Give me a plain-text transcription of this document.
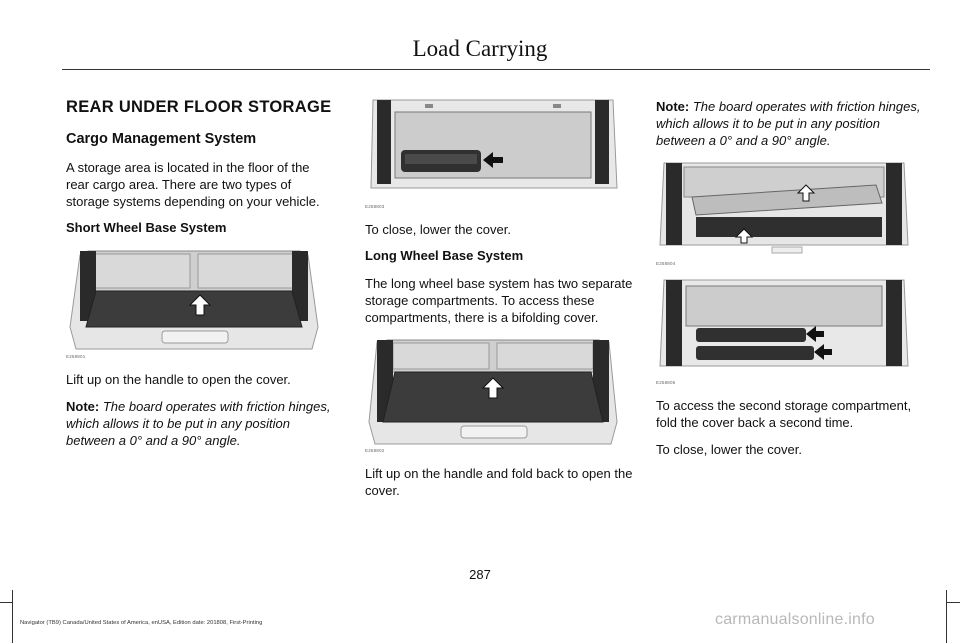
Load Carrying
REAR UNDER FLOOR STORAGE
Cargo Management System

A storage area is located in the floor of the rear cargo area. There are two types of storage systems depending on your vehicle.

Short Wheel Base System
E258801

Lift up on the handle to open the cover.

Note: The board operates with friction hinges, which allows it to be put in any position between a 0° and a 90° angle.

E258803

To close, lower the cover.

Long Wheel Base System

The long wheel base system has two separate storage compartments. To access these compartments, there is a bifolding cover.

E258802

Lift up on the handle and fold back to open the cover.

Note: The board operates with friction hinges, which allows it to be put in any position between a 0° and a 90° angle.

E258804
E258805

To access the second storage compartment, fold the cover back a second time.

To close, lower the cover.

287
Navigator (TB9) Canada/United States of America, enUSA, Edition date: 201808, First-Printing	carmanualsonline.info
